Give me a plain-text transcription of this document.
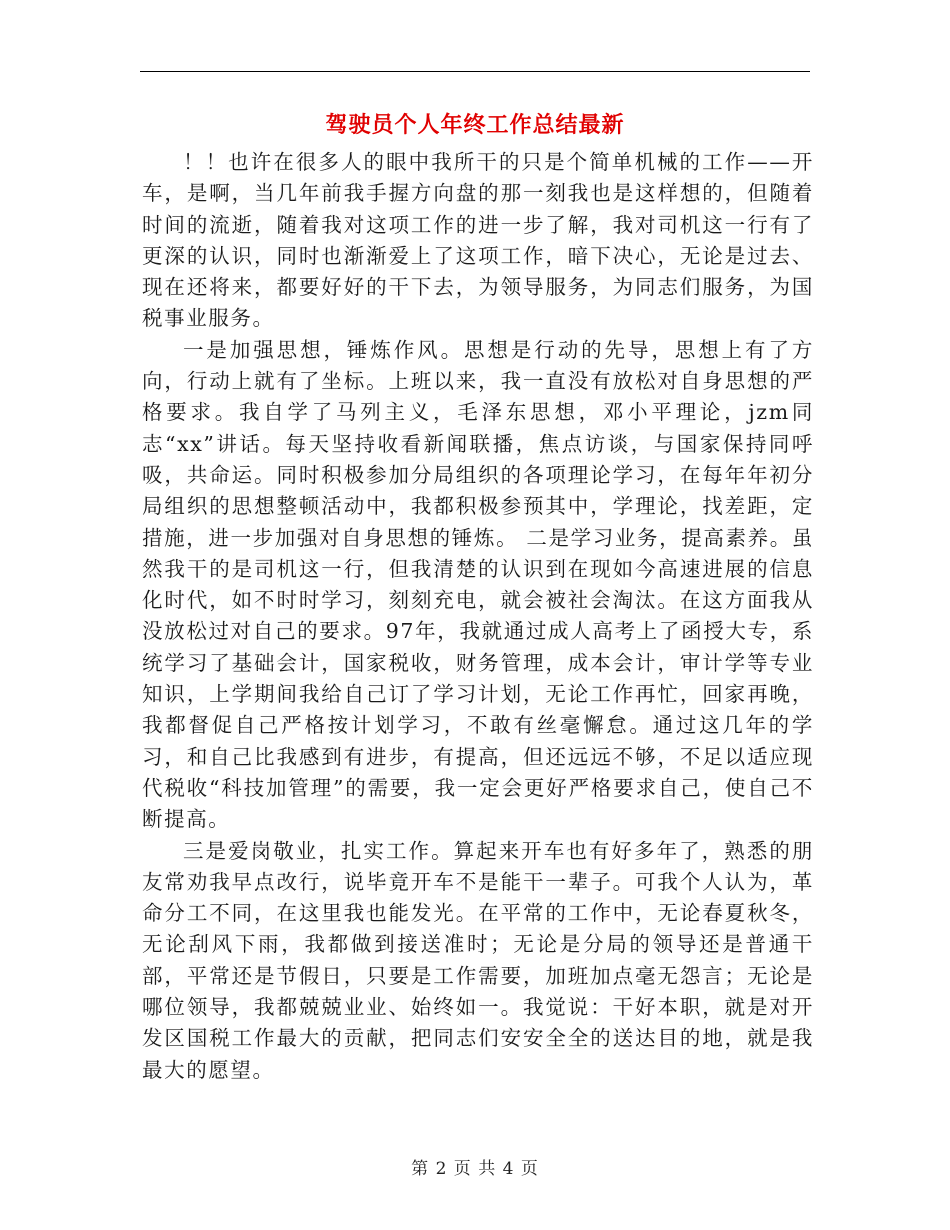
驾驶员个人年终工作总结最新

！！也许在很多人的眼中我所干的只是个简单机械的工作——开车，是啊，当几年前我手握方向盘的那一刻我也是这样想的，但随着时间的流逝，随着我对这项工作的进一步了解，我对司机这一行有了更深的认识，同时也渐渐爱上了这项工作，暗下决心，无论是过去、现在还将来，都要好好的干下去，为领导服务，为同志们服务，为国税事业服务。

一是加强思想，锤炼作风。思想是行动的先导，思想上有了方向，行动上就有了坐标。上班以来，我一直没有放松对自身思想的严格要求。我自学了马列主义，毛泽东思想，邓小平理论，jzm同志“xx”讲话。每天坚持收看新闻联播，焦点访谈，与国家保持同呼吸，共命运。同时积极参加分局组织的各项理论学习，在每年年初分局组织的思想整顿活动中，我都积极参预其中，学理论，找差距，定措施，进一步加强对自身思想的锤炼。 二是学习业务，提高素养。虽然我干的是司机这一行，但我清楚的认识到在现如今高速进展的信息化时代，如不时时学习，刻刻充电，就会被社会淘汰。在这方面我从没放松过对自己的要求。97年，我就通过成人高考上了函授大专，系统学习了基础会计，国家税收，财务管理，成本会计，审计学等专业知识，上学期间我给自己订了学习计划，无论工作再忙，回家再晚，我都督促自己严格按计划学习，不敢有丝毫懈怠。通过这几年的学习，和自己比我感到有进步，有提高，但还远远不够，不足以适应现代税收“科技加管理”的需要，我一定会更好严格要求自己，使自己不断提高。

三是爱岗敬业，扎实工作。算起来开车也有好多年了，熟悉的朋友常劝我早点改行，说毕竟开车不是能干一辈子。可我个人认为，革命分工不同，在这里我也能发光。在平常的工作中，无论春夏秋冬，无论刮风下雨，我都做到接送准时；无论是分局的领导还是普通干部，平常还是节假日，只要是工作需要，加班加点毫无怨言；无论是哪位领导，我都兢兢业业、始终如一。我觉说：干好本职，就是对开发区国税工作最大的贡献，把同志们安安全全的送达目的地，就是我最大的愿望。

第 2 页 共 4 页
